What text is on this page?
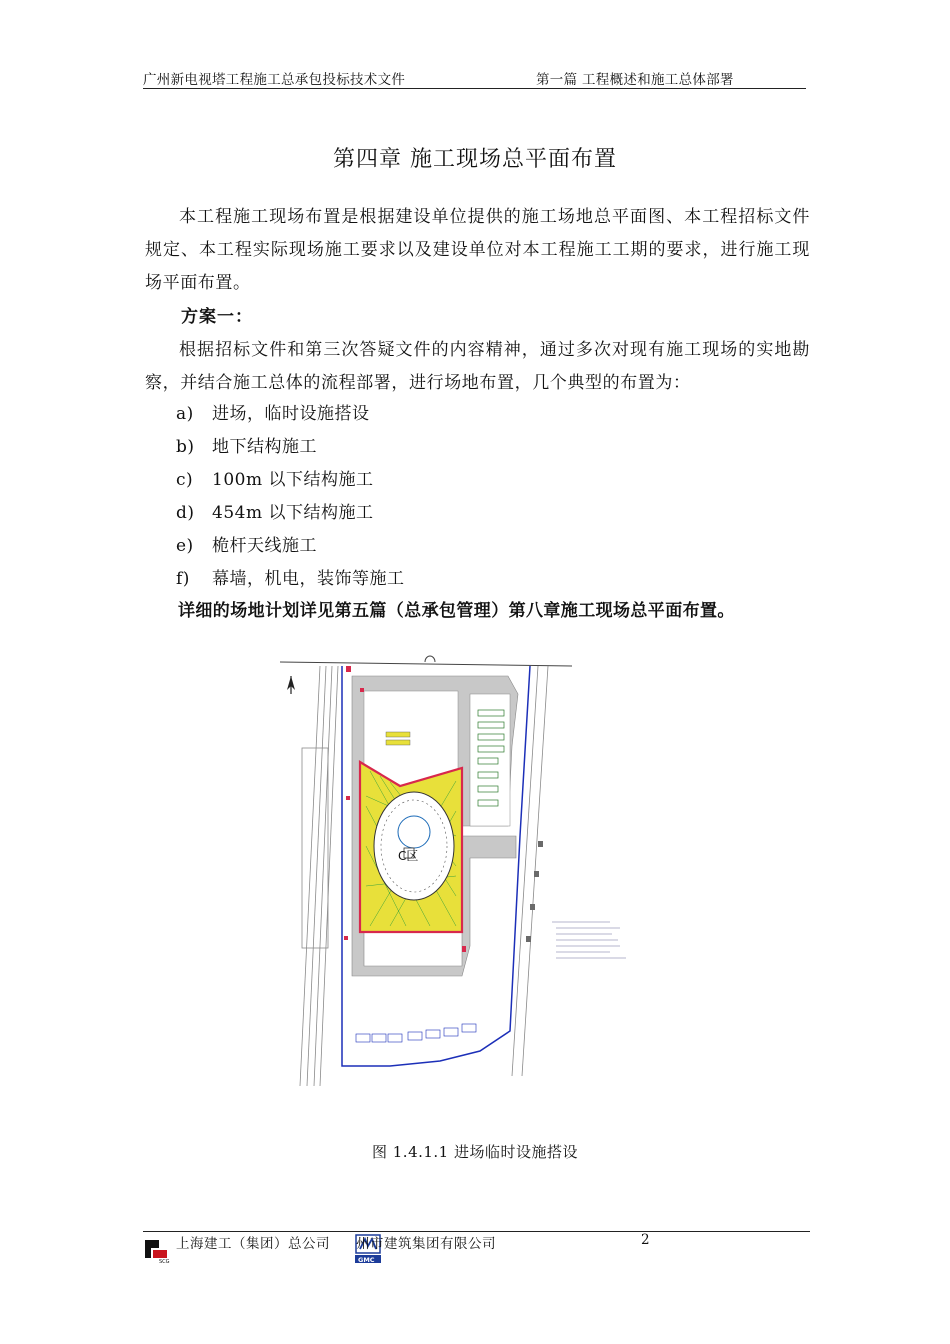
广州新电视塔工程施工总承包投标技术文件	第一篇 工程概述和施工总体部署
第四章 施工现场总平面布置
本工程施工现场布置是根据建设单位提供的施工场地总平面图、本工程招标文件规定、本工程实际现场施工要求以及建设单位对本工程施工工期的要求，进行施工现场平面布置。
方案一：
根据招标文件和第三次答疑文件的内容精神，通过多次对现有施工现场的实地勘察，并结合施工总体的流程部署，进行场地布置，几个典型的布置为：
a) 进场，临时设施搭设
b) 地下结构施工
c) 100m 以下结构施工
d) 454m 以下结构施工
e) 桅杆天线施工
f) 幕墙，机电，装饰等施工
详细的场地计划详见第五篇（总承包管理）第八章施工现场总平面布置。
C区
图 1.4.1.1 进场临时设施搭设
SCG
上海建工（集团）总公司
GMC
州市建筑集团有限公司	2
